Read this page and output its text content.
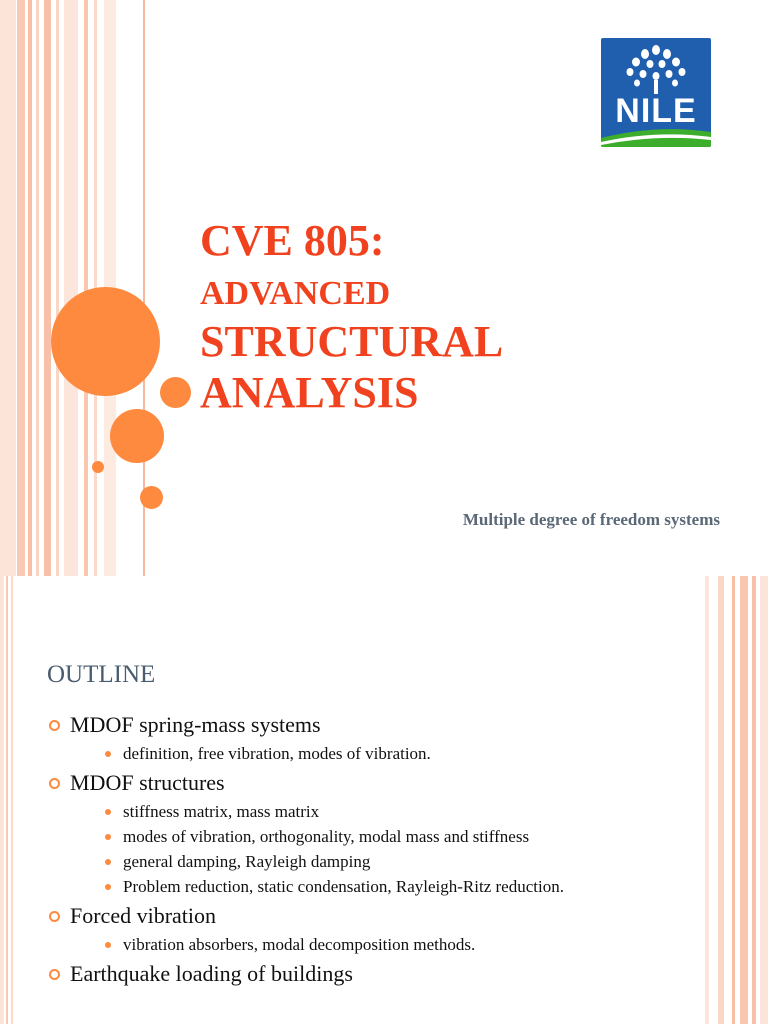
NILE
CVE 805:
ADVANCED
STRUCTURAL
ANALYSIS
Multiple degree of freedom systems
OUTLINE
MDOF spring-mass systems
definition, free vibration, modes of vibration.
MDOF structures
stiffness matrix, mass matrix
modes of vibration, orthogonality, modal mass and stiffness
general damping, Rayleigh damping
Problem reduction, static condensation, Rayleigh-Ritz reduction.
Forced vibration
vibration absorbers, modal decomposition methods.
Earthquake loading of buildings
